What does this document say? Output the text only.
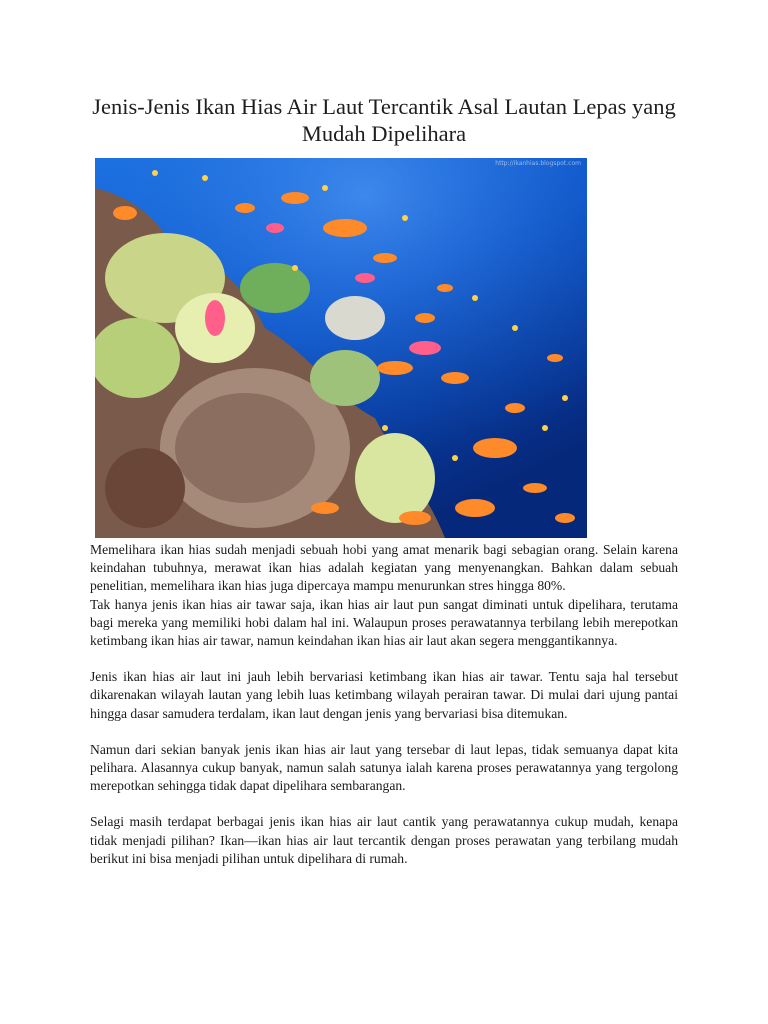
Jenis-Jenis Ikan Hias Air Laut Tercantik Asal Lautan Lepas yang Mudah Dipelihara
http://ikanhias.blogspot.com

Memelihara ikan hias sudah menjadi sebuah hobi yang amat menarik bagi sebagian orang. Selain karena keindahan tubuhnya, merawat ikan hias adalah kegiatan yang menyenangkan. Bahkan dalam sebuah penelitian, memelihara ikan hias juga dipercaya mampu menurunkan stres hingga 80%.

Tak hanya jenis ikan hias air tawar saja, ikan hias air laut pun sangat diminati untuk dipelihara, terutama bagi mereka yang memiliki hobi dalam hal ini. Walaupun proses perawatannya terbilang lebih merepotkan ketimbang ikan hias air tawar, namun keindahan ikan hias air laut akan segera menggantikannya.

Jenis ikan hias air laut ini jauh lebih bervariasi ketimbang ikan hias air tawar. Tentu saja hal tersebut dikarenakan wilayah lautan yang lebih luas ketimbang wilayah perairan tawar. Di mulai dari ujung pantai hingga dasar samudera terdalam, ikan laut dengan jenis yang bervariasi bisa ditemukan.

Namun dari sekian banyak jenis ikan hias air laut yang tersebar di laut lepas, tidak semuanya dapat kita pelihara. Alasannya cukup banyak, namun salah satunya ialah karena proses perawatannya yang tergolong merepotkan sehingga tidak dapat dipelihara sembarangan.

Selagi masih terdapat berbagai jenis ikan hias air laut cantik yang perawatannya cukup mudah, kenapa tidak menjadi pilihan? Ikan—ikan hias air laut tercantik dengan proses perawatan yang terbilang mudah berikut ini bisa menjadi pilihan untuk dipelihara di rumah.
